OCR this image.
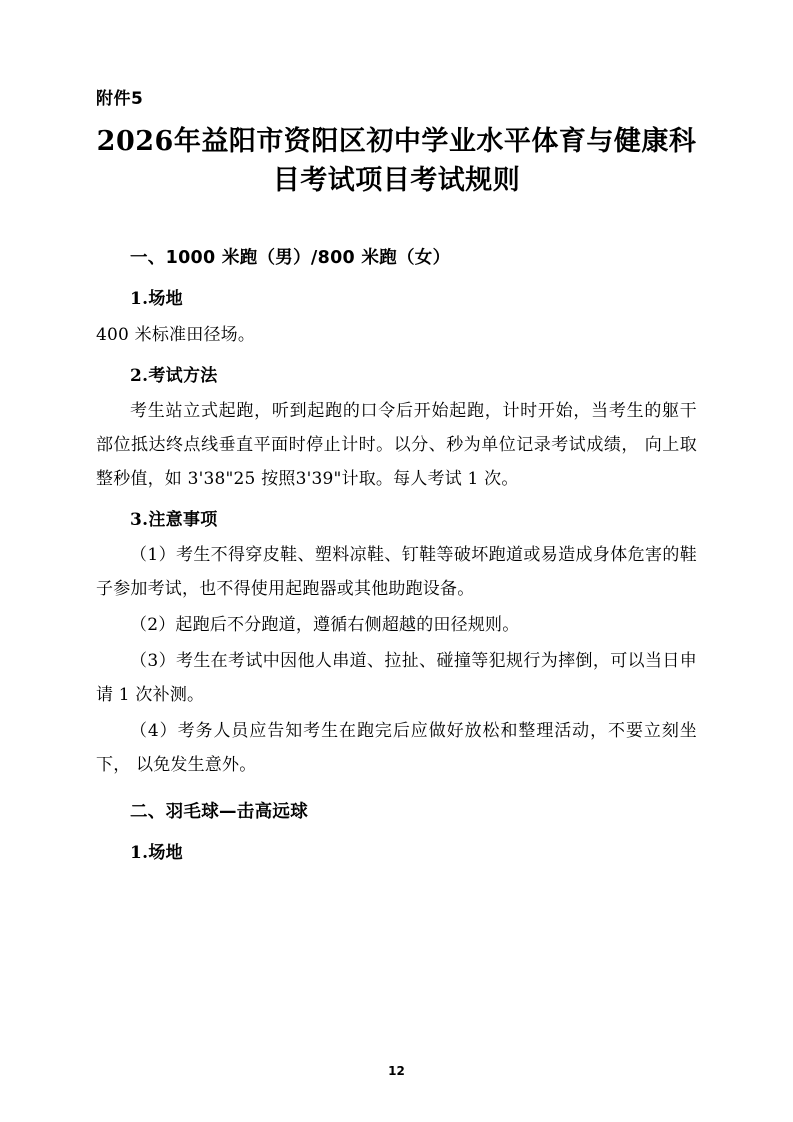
附件5
2026年益阳市资阳区初中学业水平体育与健康科目考试项目考试规则
一、1000 米跑（男）/800 米跑（女）
1.场地
400 米标准田径场。
2.考试方法
考生站立式起跑，听到起跑的口令后开始起跑，计时开始，当考生的躯干部位抵达终点线垂直平面时停止计时。以分、秒为单位记录考试成绩， 向上取整秒值，如 3'38"25 按照3'39"计取。每人考试 1 次。
3.注意事项
（1）考生不得穿皮鞋、塑料凉鞋、钉鞋等破坏跑道或易造成身体危害的鞋子参加考试，也不得使用起跑器或其他助跑设备。
（2）起跑后不分跑道，遵循右侧超越的田径规则。
（3）考生在考试中因他人串道、拉扯、碰撞等犯规行为摔倒，可以当日申请 1 次补测。
（4）考务人员应告知考生在跑完后应做好放松和整理活动，不要立刻坐下， 以免发生意外。
二、羽毛球—击高远球
1.场地
12
